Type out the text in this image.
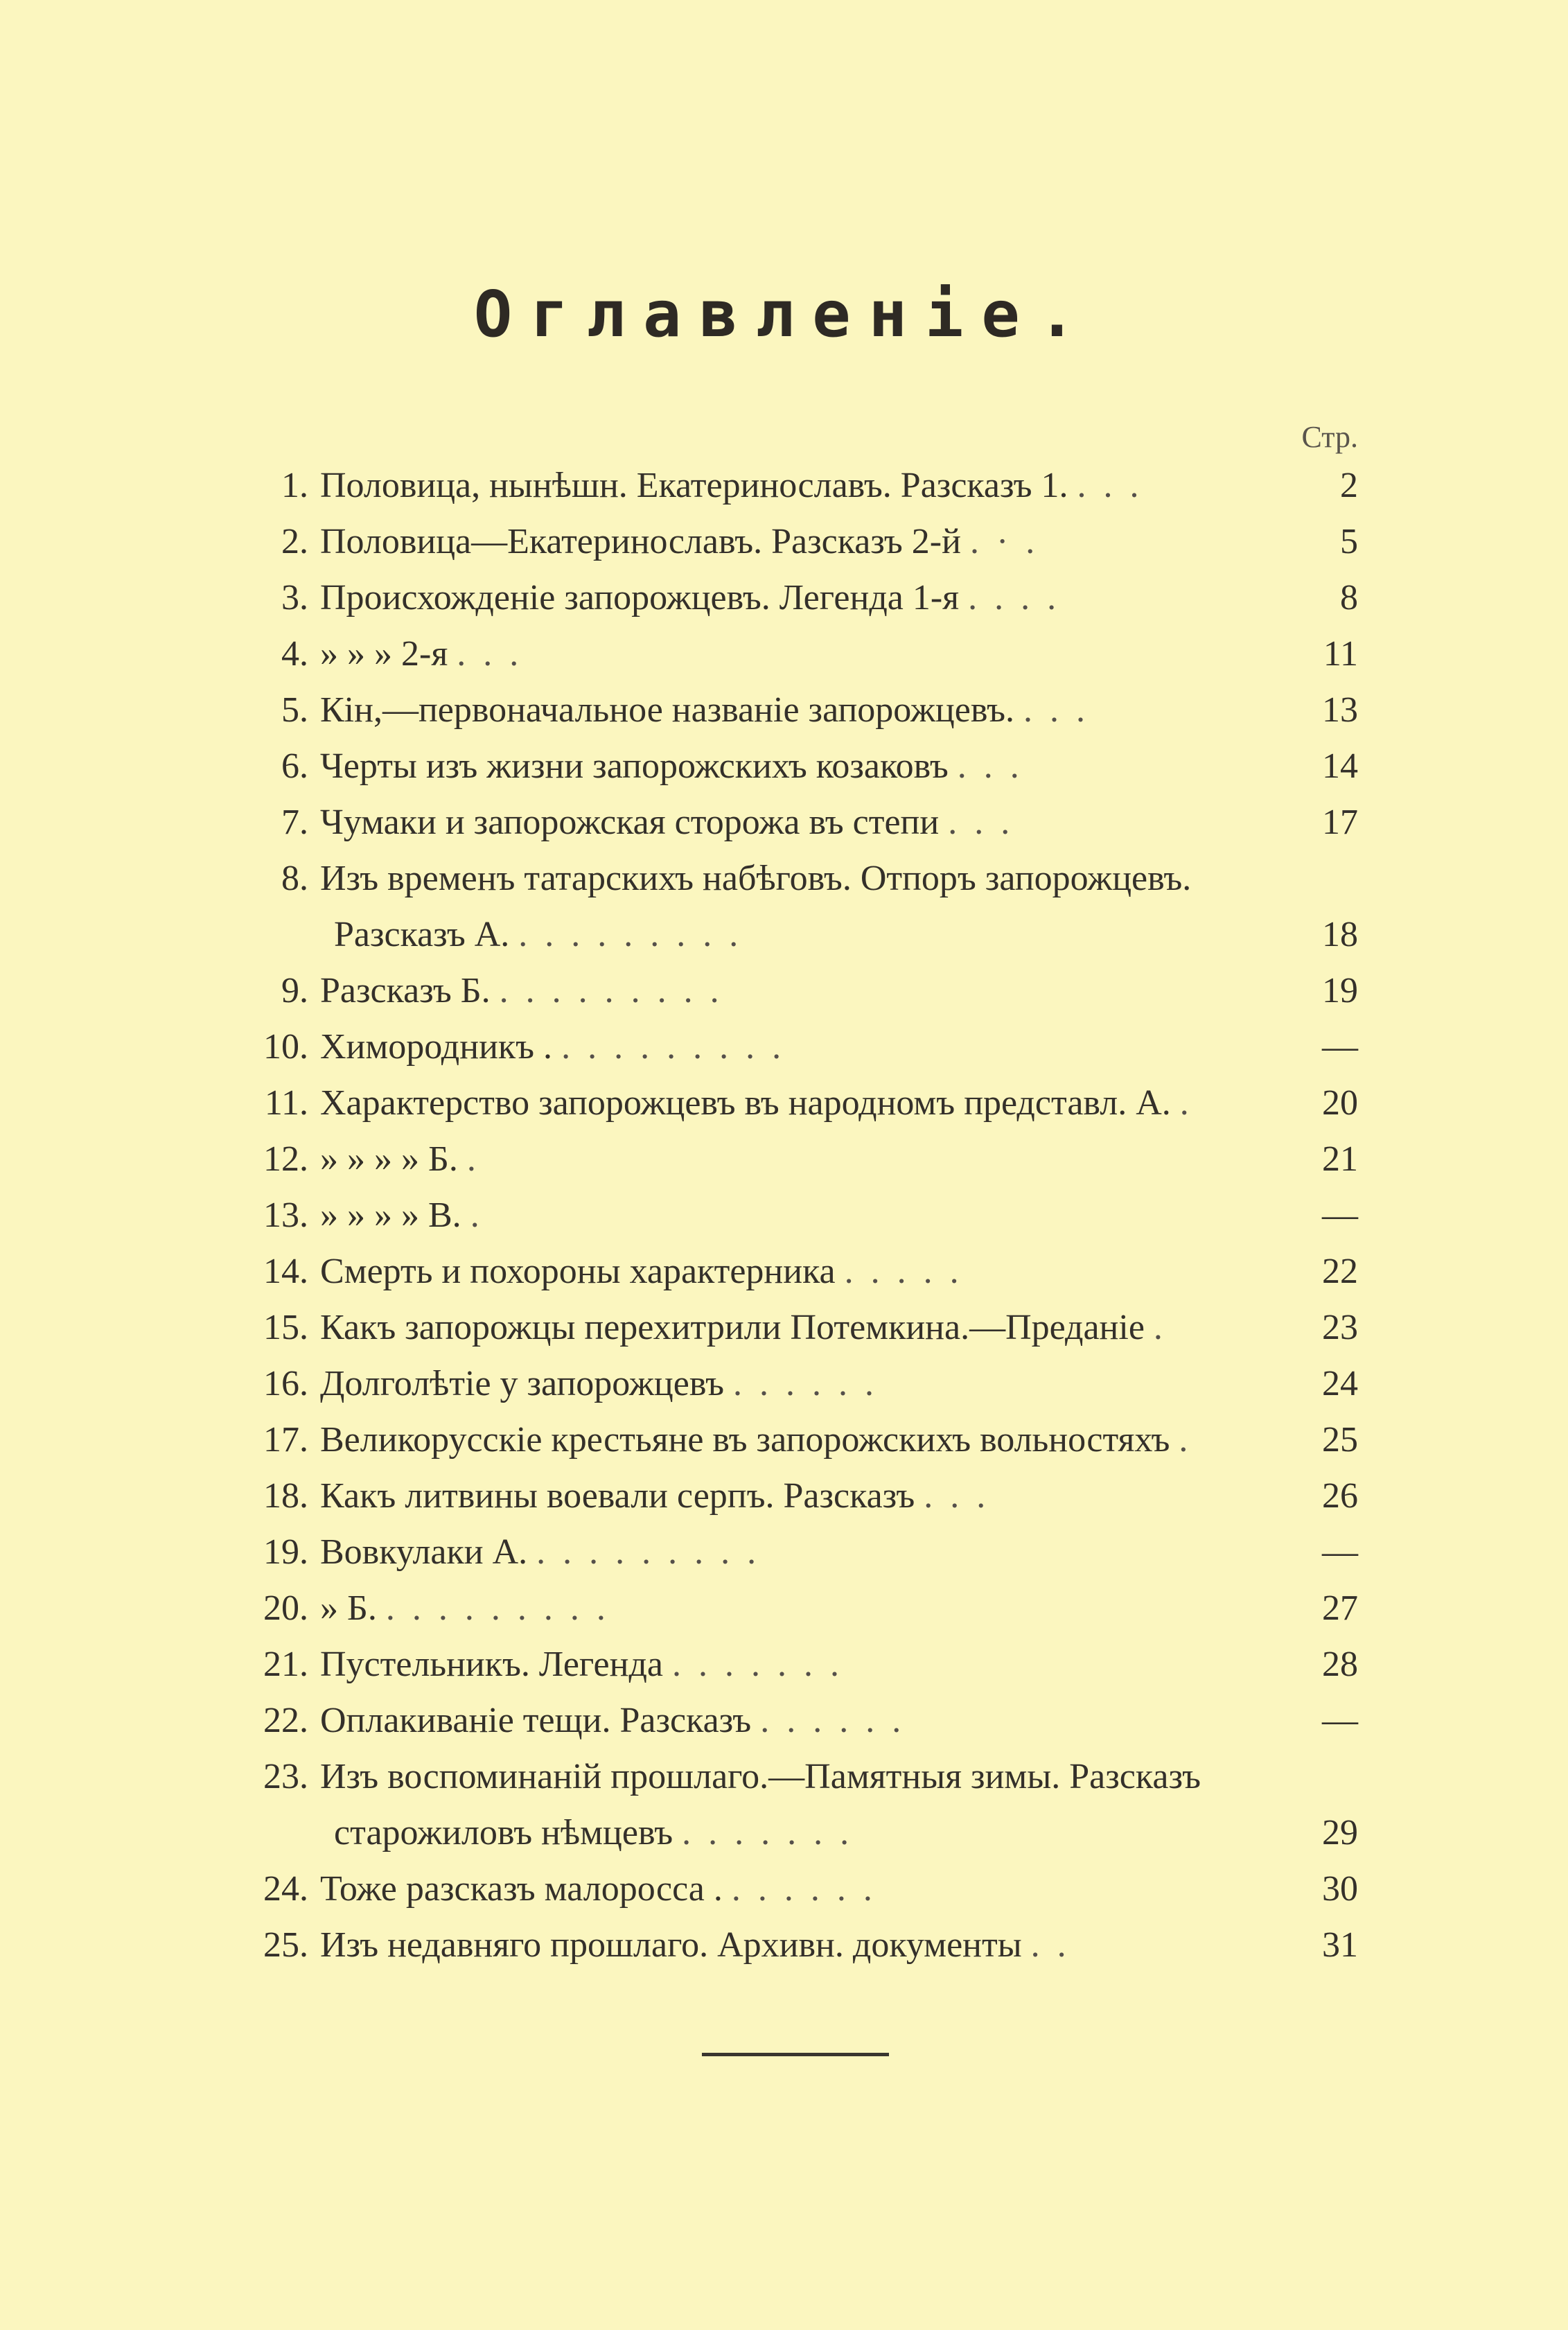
Оглавленіе.
Стр.
1. Половица, нынѣшн. Екатеринославъ. Разсказъ 1. . . .	2
2. Половица—Екатеринославъ. Разсказъ 2-й . · .	5
3. Происхожденіе запорожцевъ. Легенда 1-я . . . .	8
4. » » » 2-я . . .	11
5. Кін,—первоначальное названіе запорожцевъ. . . .	13
6. Черты изъ жизни запорожскихъ козаковъ . . .	14
7. Чумаки и запорожская сторожа въ степи . . .	17
8. Изъ временъ татарскихъ набѣговъ. Отпоръ запорожцевъ.
Разсказъ А. . . . . . . . . .	18
9. Разсказъ Б. . . . . . . . . .	19
10. Химородникъ . . . . . . . . . .	—
11. Характерство запорожцевъ въ народномъ представл. А. .	20
12. » » » » Б. .	21
13. » » » » В. .	—
14. Смерть и похороны характерника . . . . .	22
15. Какъ запорожцы перехитрили Потемкина.—Преданіе .	23
16. Долголѣтіе у запорожцевъ . . . . . .	24
17. Великорусскіе крестьяне въ запорожскихъ вольностяхъ .	25
18. Какъ литвины воевали серпъ. Разсказъ . . .	26
19. Вовкулаки А. . . . . . . . . .	—
20. » Б. . . . . . . . . .	27
21. Пустельникъ. Легенда . . . . . . .	28
22. Оплакиваніе тещи. Разсказъ . . . . . .	—
23. Изъ воспоминаній прошлаго.—Памятныя зимы. Разсказъ
старожиловъ нѣмцевъ . . . . . . .	29
24. Тоже разсказъ малоросса . . . . . . .	30
25. Изъ недавняго прошлаго. Архивн. документы . .	31
